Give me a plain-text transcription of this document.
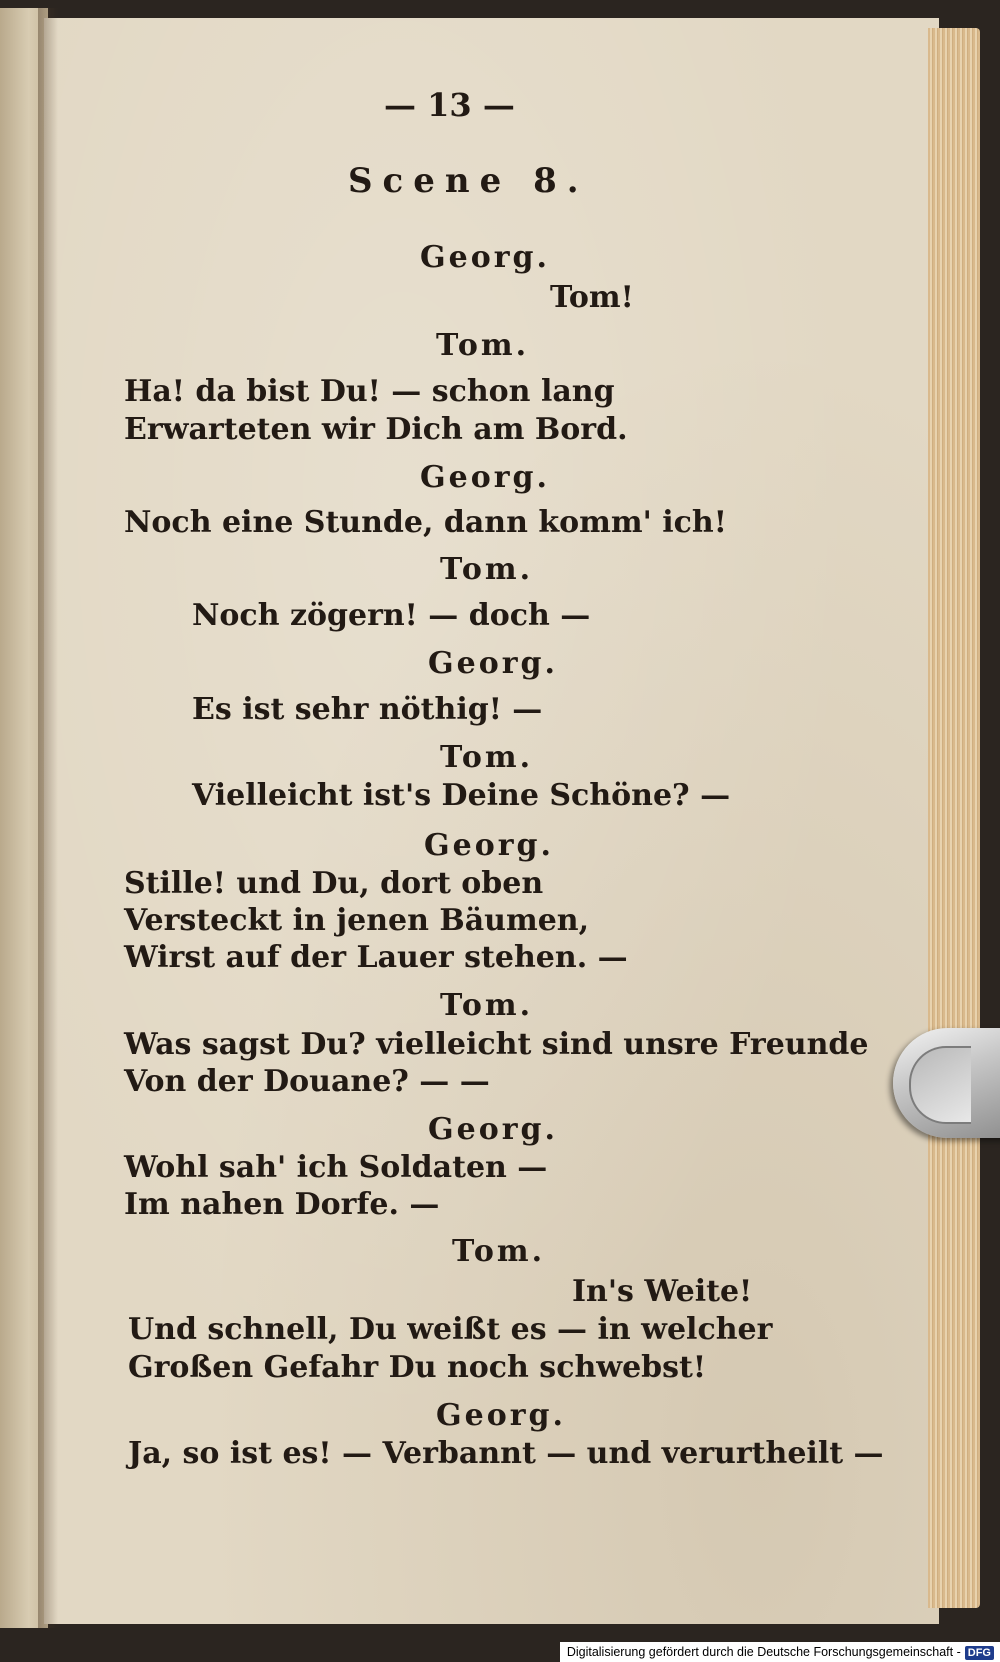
— 13 —
Scene 8.
Georg.
Tom!
Tom.
Ha! da bist Du! — schon lang
Erwarteten wir Dich am Bord.
Georg.
Noch eine Stunde, dann komm' ich!
Tom.
Noch zögern! — doch —
Georg.
Es ist sehr nöthig! —
Tom.
Vielleicht ist's Deine Schöne? —
Georg.
Stille! und Du, dort oben
Versteckt in jenen Bäumen,
Wirst auf der Lauer stehen. —
Tom.
Was sagst Du? vielleicht sind unsre Freunde
Von der Douane? — —
Georg.
Wohl sah' ich Soldaten —
Im nahen Dorfe. —
Tom.
In's Weite!
Und schnell, Du weißt es — in welcher
Großen Gefahr Du noch schwebst!
Georg.
Ja, so ist es! — Verbannt — und verurtheilt —
Digitalisierung gefördert durch die Deutsche Forschungsgemeinschaft - DFG
